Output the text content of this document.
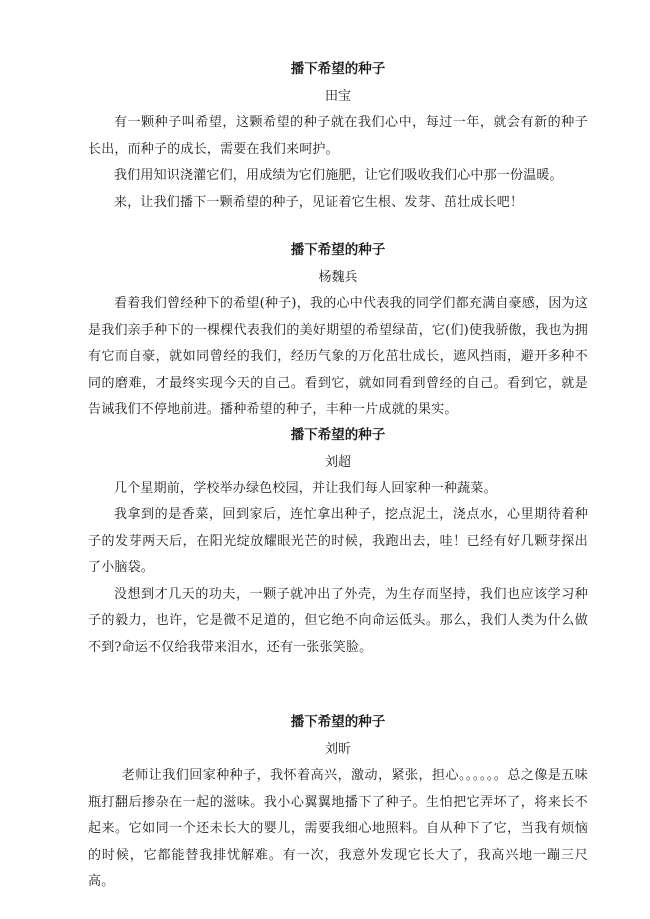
播下希望的种子
田宝

有一颗种子叫希望，这颗希望的种子就在我们心中，每过一年，就会有新的种子长出，而种子的成长，需要在我们来呵护。

我们用知识浇灌它们，用成绩为它们施肥，让它们吸收我们心中那一份温暖。

来，让我们播下一颗希望的种子，见证着它生根、发芽、茁壮成长吧！

播下希望的种子
杨魏兵

看着我们曾经种下的希望(种子)，我的心中代表我的同学们都充满自豪感，因为这是我们亲手种下的一棵棵代表我们的美好期望的希望绿苗，它(们)使我骄傲，我也为拥有它而自豪，就如同曾经的我们，经历气象的万化茁壮成长，遮风挡雨，避开多种不同的磨难，才最终实现今天的自己。看到它，就如同看到曾经的自己。看到它，就是告诫我们不停地前进。播种希望的种子，丰种一片成就的果实。

播下希望的种子
刘超

几个星期前，学校举办绿色校园，并让我们每人回家种一种蔬菜。

我拿到的是香菜，回到家后，连忙拿出种子，挖点泥土，浇点水，心里期待着种子的发芽两天后，在阳光绽放耀眼光芒的时候，我跑出去，哇！已经有好几颗芽探出了小脑袋。

没想到才几天的功夫，一颗子就冲出了外壳，为生存而坚持，我们也应该学习种子的毅力，也许，它是微不足道的，但它绝不向命运低头。那么，我们人类为什么做不到?命运不仅给我带来泪水，还有一张张笑脸。

播下希望的种子
刘昕

老师让我们回家种种子，我怀着高兴，激动，紧张，担心。。。。。。总之像是五味瓶打翻后掺杂在一起的滋味。我小心翼翼地播下了种子。生怕把它弄坏了，将来长不起来。它如同一个还未长大的婴儿，需要我细心地照料。自从种下了它，当我有烦恼的时候，它都能替我排忧解难。有一次，我意外发现它长大了，我高兴地一蹦三尺高。
